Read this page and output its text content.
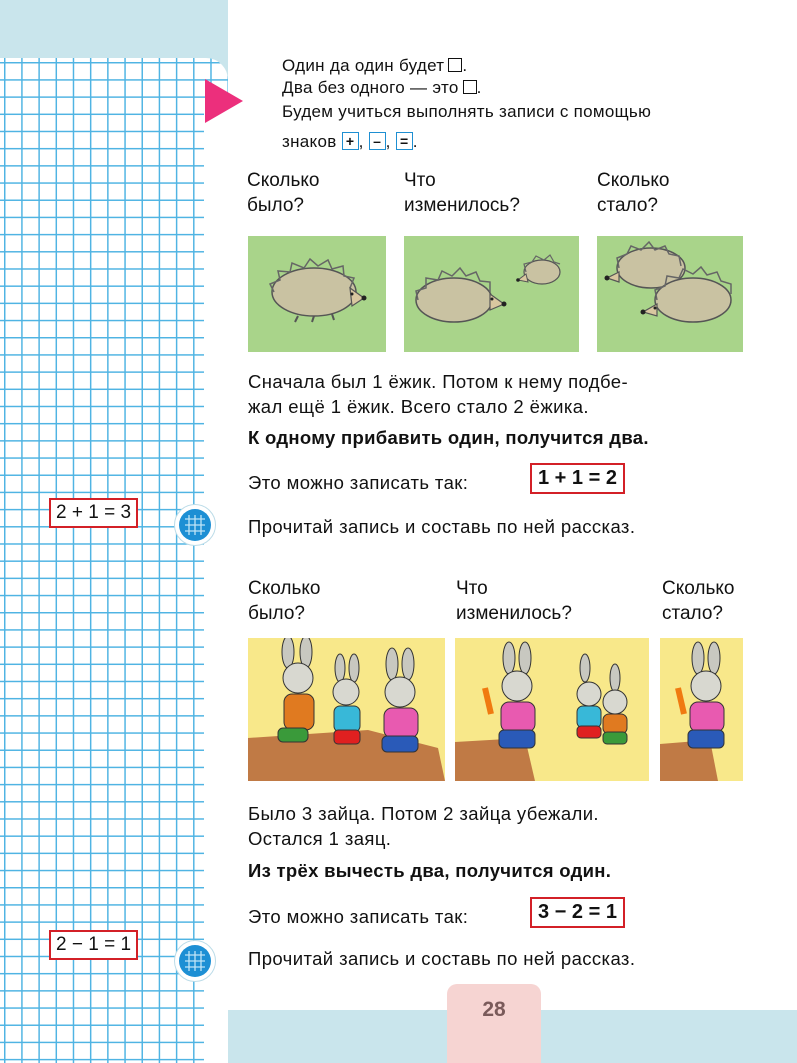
Один да один будет .
Два без одного — это .
Будем учиться выполнять записи с помощью
знаков + , – , = .
Сколько
было?
Что
изменилось?
Сколько
стало?
Сначала был 1 ёжик. Потом к нему подбе-
жал ещё 1 ёжик. Всего стало 2 ёжика.
К одному прибавить один, получится два.
Это можно записать так:	1 + 1 = 2
Прочитай запись и составь по ней рассказ.
2 + 1 = 3
Сколько
было?
Что
изменилось?
Сколько
стало?
Было 3 зайца. Потом 2 зайца убежали.
Остался 1 заяц.
Из трёх вычесть два, получится один.
Это можно записать так:	3 − 2 = 1
Прочитай запись и составь по ней рассказ.
2 − 1 = 1
28
